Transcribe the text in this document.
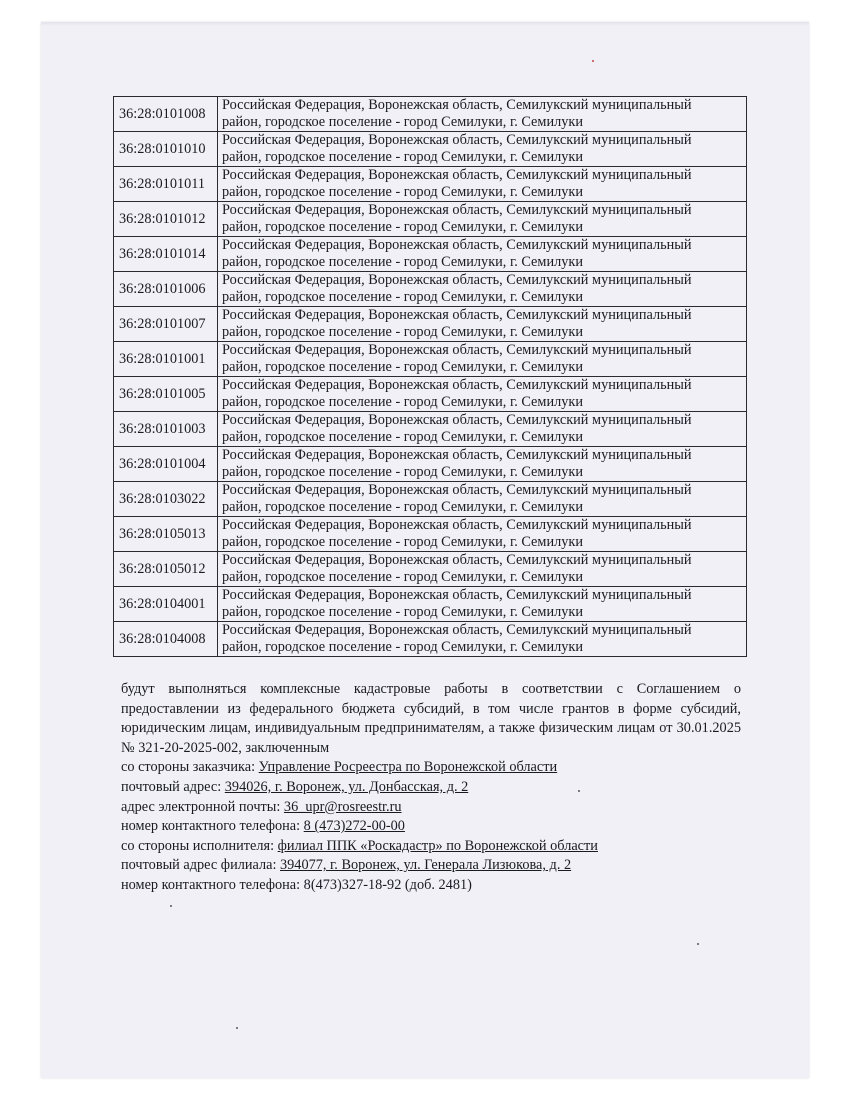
36:28:0101008	Российская Федерация, Воронежская область, Семилукский муниципальный
район, городское поселение - город Семилуки, г. Семилуки

36:28:0101010	Российская Федерация, Воронежская область, Семилукский муниципальный
район, городское поселение - город Семилуки, г. Семилуки

36:28:0101011	Российская Федерация, Воронежская область, Семилукский муниципальный
район, городское поселение - город Семилуки, г. Семилуки

36:28:0101012	Российская Федерация, Воронежская область, Семилукский муниципальный
район, городское поселение - город Семилуки, г. Семилуки

36:28:0101014	Российская Федерация, Воронежская область, Семилукский муниципальный
район, городское поселение - город Семилуки, г. Семилуки

36:28:0101006	Российская Федерация, Воронежская область, Семилукский муниципальный
район, городское поселение - город Семилуки, г. Семилуки

36:28:0101007	Российская Федерация, Воронежская область, Семилукский муниципальный
район, городское поселение - город Семилуки, г. Семилуки

36:28:0101001	Российская Федерация, Воронежская область, Семилукский муниципальный
район, городское поселение - город Семилуки, г. Семилуки

36:28:0101005	Российская Федерация, Воронежская область, Семилукский муниципальный
район, городское поселение - город Семилуки, г. Семилуки

36:28:0101003	Российская Федерация, Воронежская область, Семилукский муниципальный
район, городское поселение - город Семилуки, г. Семилуки

36:28:0101004	Российская Федерация, Воронежская область, Семилукский муниципальный
район, городское поселение - город Семилуки, г. Семилуки

36:28:0103022	Российская Федерация, Воронежская область, Семилукский муниципальный
район, городское поселение - город Семилуки, г. Семилуки

36:28:0105013	Российская Федерация, Воронежская область, Семилукский муниципальный
район, городское поселение - город Семилуки, г. Семилуки

36:28:0105012	Российская Федерация, Воронежская область, Семилукский муниципальный
район, городское поселение - город Семилуки, г. Семилуки

36:28:0104001	Российская Федерация, Воронежская область, Семилукский муниципальный
район, городское поселение - город Семилуки, г. Семилуки

36:28:0104008	Российская Федерация, Воронежская область, Семилукский муниципальный
район, городское поселение - город Семилуки, г. Семилуки

будут выполняться комплексные кадастровые работы в соответствии с Соглашением о предоставлении из федерального бюджета субсидий, в том числе грантов в форме субсидий, юридическим лицам, индивидуальным предпринимателям, а также физическим лицам от 30.01.2025 № 321-20-2025-002, заключенным

со стороны заказчика: Управление Росреестра по Воронежской области

почтовый адрес: 394026, г. Воронеж, ул. Донбасская, д. 2

адрес электронной почты: 36_upr@rosreestr.ru

номер контактного телефона: 8 (473)272-00-00

со стороны исполнителя: филиал ППК «Роскадастр» по Воронежской области

почтовый адрес филиала: 394077, г. Воронеж, ул. Генерала Лизюкова, д. 2

номер контактного телефона: 8(473)327-18-92 (доб. 2481)
